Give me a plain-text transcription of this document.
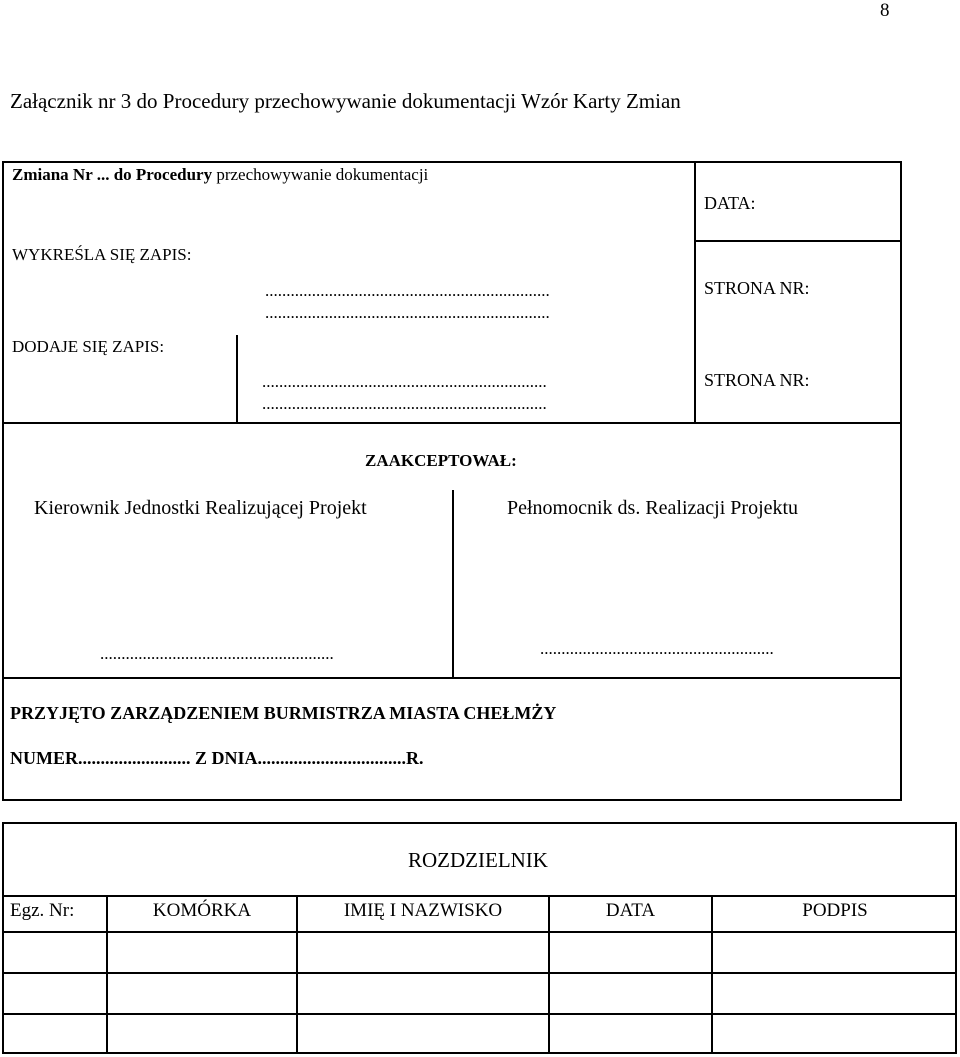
8
Załącznik nr 3 do Procedury przechowywanie dokumentacji Wzór Karty Zmian
Zmiana Nr ... do Procedury przechowywanie dokumentacji
DATA:
WYKREŚLA SIĘ ZAPIS:
...................................................................
...................................................................
STRONA NR:
DODAJE SIĘ ZAPIS:
...................................................................
...................................................................
STRONA NR:
ZAAKCEPTOWAŁ:
Kierownik Jednostki Realizującej Projekt	Pełnomocnik ds. Realizacji Projektu
.......................................................	.......................................................
PRZYJĘTO ZARZĄDZENIEM BURMISTRZA MIASTA CHEŁMŻY
NUMER......................... Z DNIA.................................R.
ROZDZIELNIK
Egz. Nr:	KOMÓRKA	IMIĘ I NAZWISKO	DATA	PODPIS
